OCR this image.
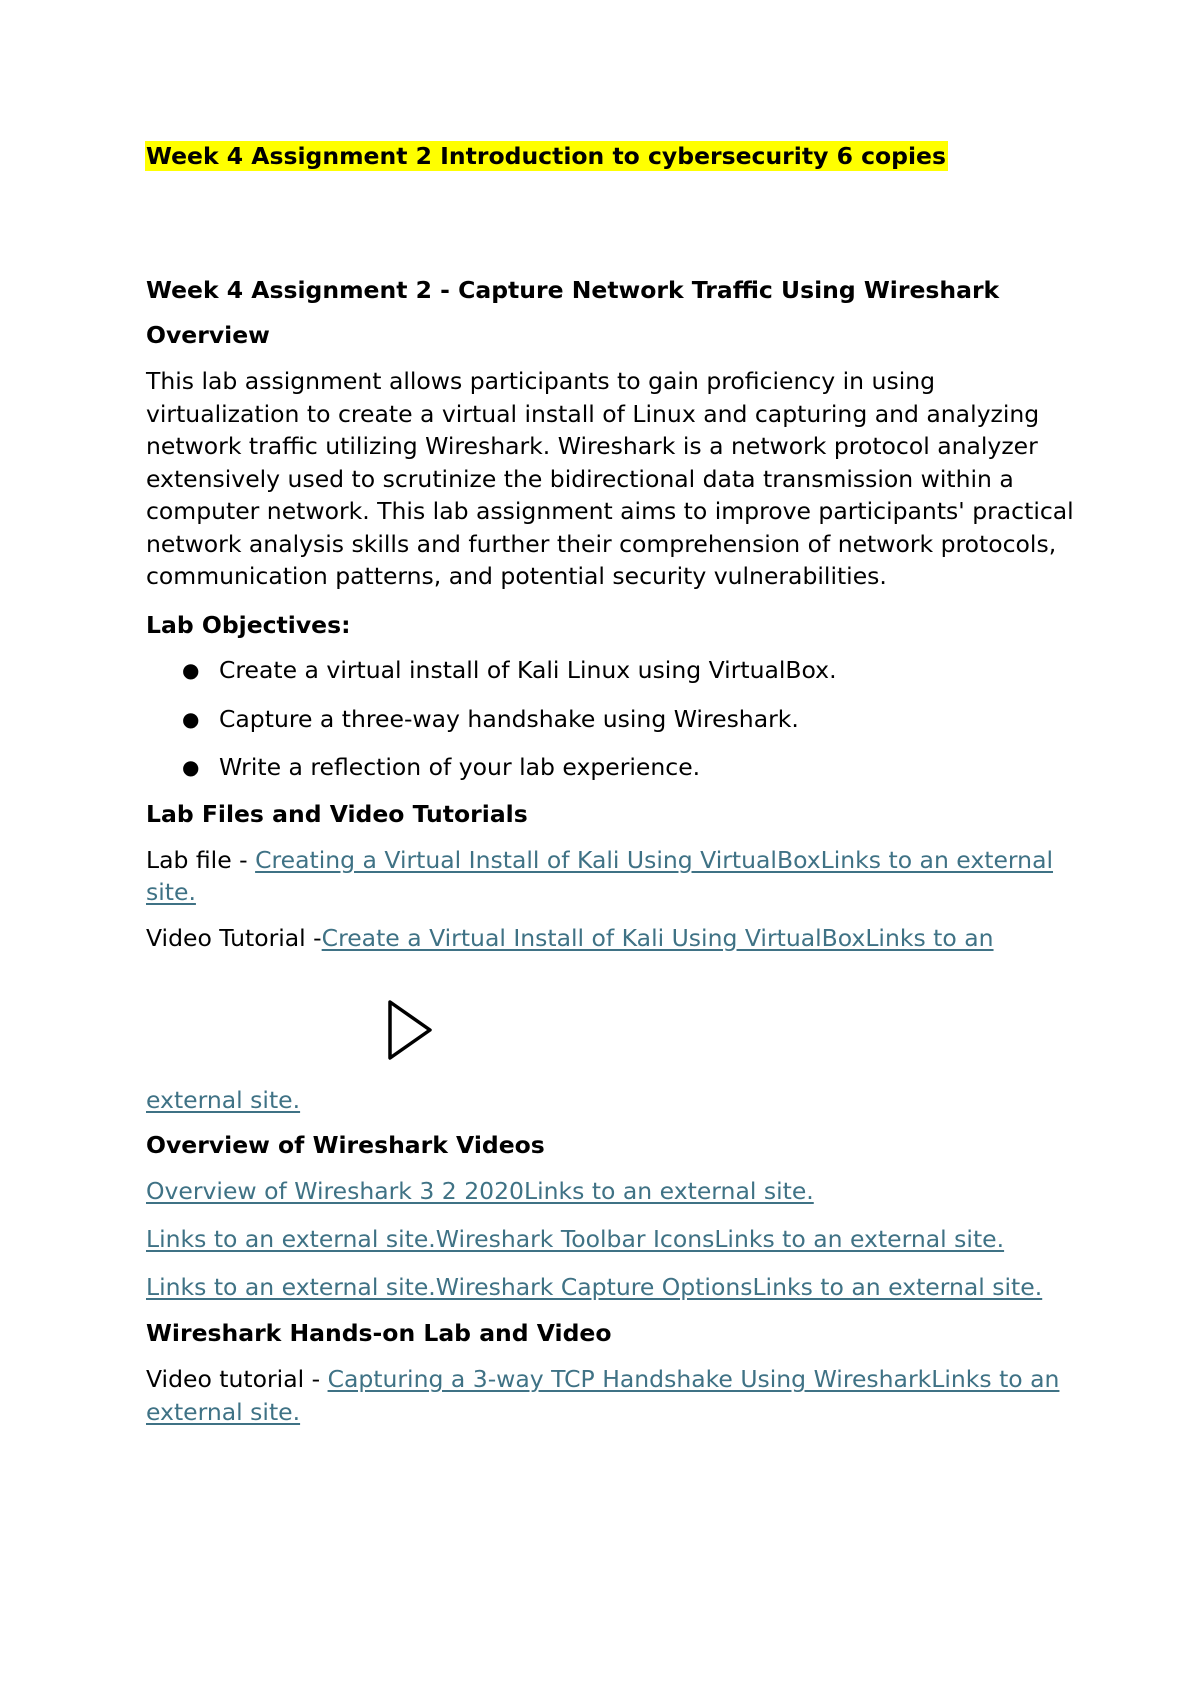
Week 4 Assignment 2 Introduction to cybersecurity 6 copies
Week 4 Assignment 2 - Capture Network Traffic Using Wireshark
Overview

This lab assignment allows participants to gain proficiency in using virtualization to create a virtual install of Linux and capturing and analyzing network traffic utilizing Wireshark. Wireshark is a network protocol analyzer extensively used to scrutinize the bidirectional data transmission within a computer network. This lab assignment aims to improve participants' practical network analysis skills and further their comprehension of network protocols, communication patterns, and potential security vulnerabilities.

Lab Objectives:
● Create a virtual install of Kali Linux using VirtualBox.
● Capture a three-way handshake using Wireshark.
● Write a reflection of your lab experience.
Lab Files and Video Tutorials

Lab file - Creating a Virtual Install of Kali Using VirtualBoxLinks to an external site.

Video Tutorial -Create a Virtual Install of Kali Using VirtualBoxLinks to an

external site.

Overview of Wireshark Videos

Overview of Wireshark 3 2 2020Links to an external site.

Links to an external site.Wireshark Toolbar IconsLinks to an external site.

Links to an external site.Wireshark Capture OptionsLinks to an external site.

Wireshark Hands-on Lab and Video

Video tutorial - Capturing a 3-way TCP Handshake Using WiresharkLinks to an external site.
